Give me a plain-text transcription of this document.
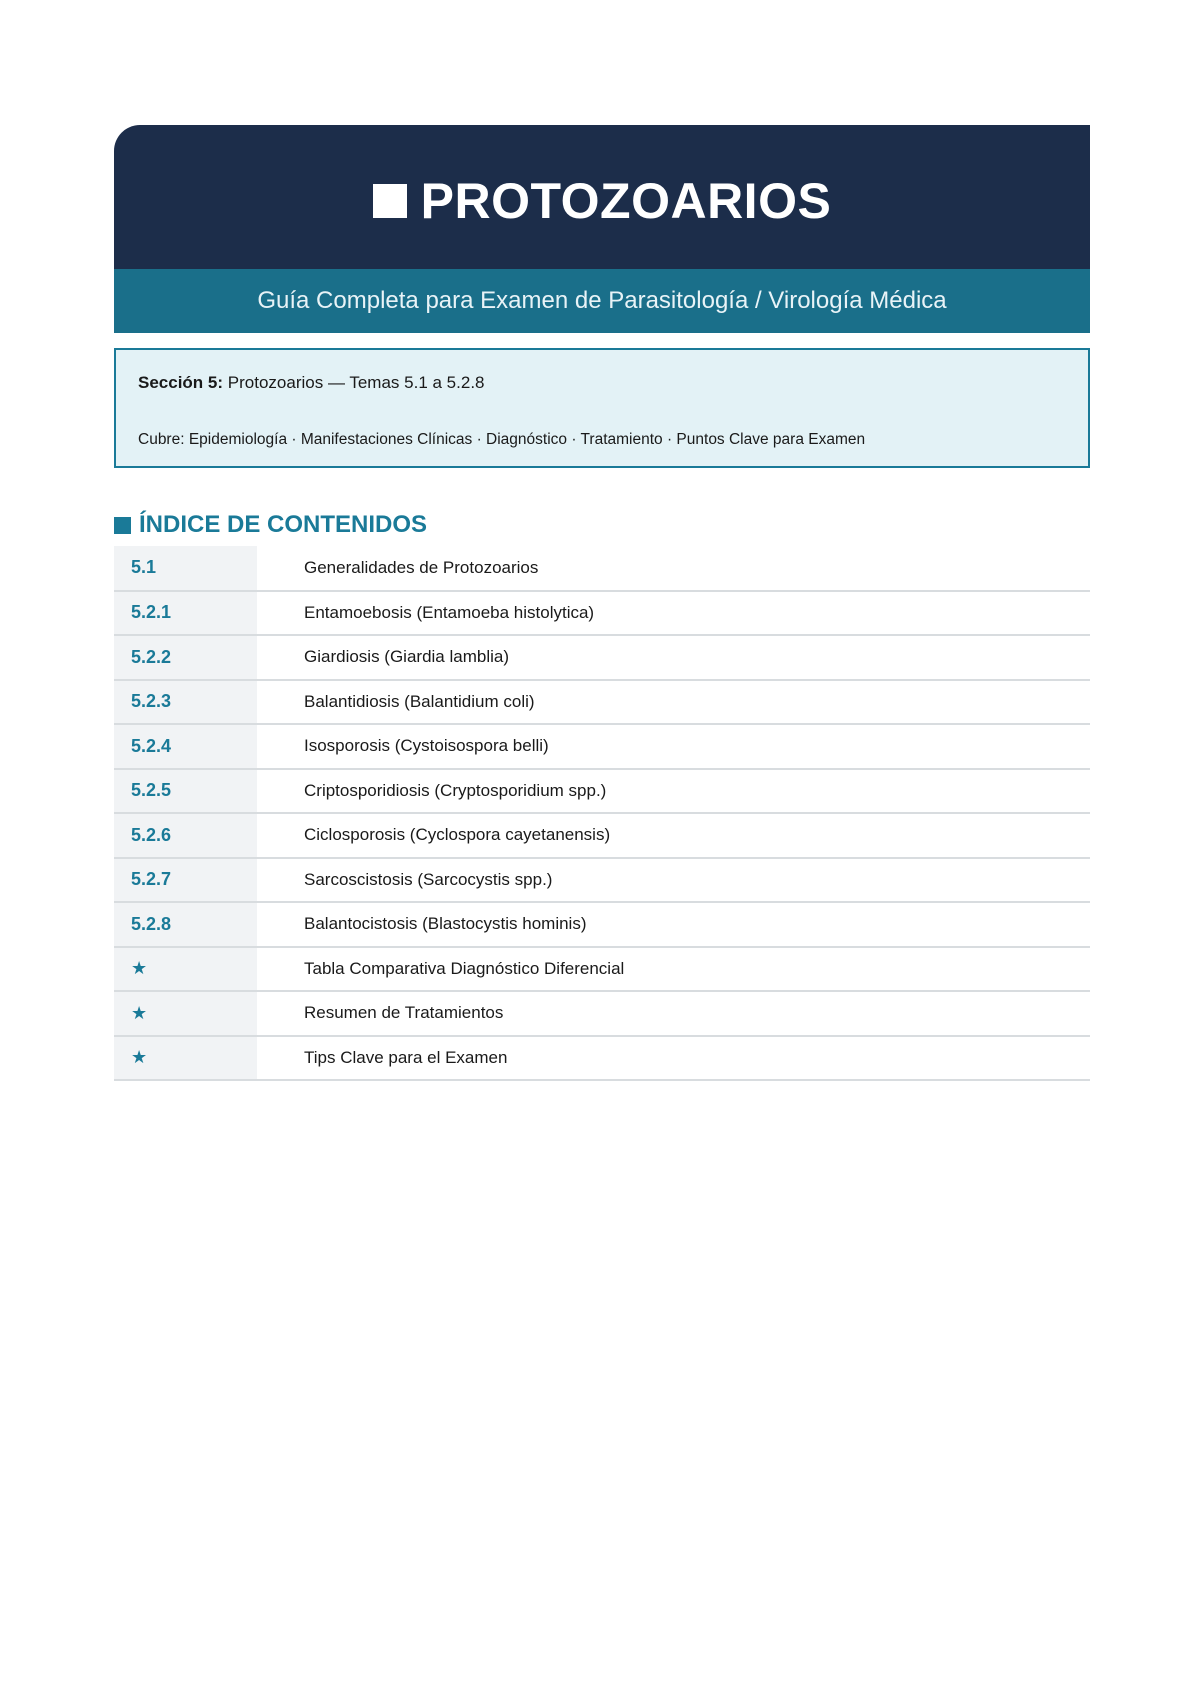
PROTOZOARIOS
Guía Completa para Examen de Parasitología / Virología Médica
Sección 5: Protozoarios — Temas 5.1 a 5.2.8
Cubre: Epidemiología · Manifestaciones Clínicas · Diagnóstico · Tratamiento · Puntos Clave para Examen
ÍNDICE DE CONTENIDOS
5.1	Generalidades de Protozoarios
5.2.1	Entamoebosis (Entamoeba histolytica)
5.2.2	Giardiosis (Giardia lamblia)
5.2.3	Balantidiosis (Balantidium coli)
5.2.4	Isosporosis (Cystoisospora belli)
5.2.5	Criptosporidiosis (Cryptosporidium spp.)
5.2.6	Ciclosporosis (Cyclospora cayetanensis)
5.2.7	Sarcoscistosis (Sarcocystis spp.)
5.2.8	Balantocistosis (Blastocystis hominis)
★	Tabla Comparativa Diagnóstico Diferencial
★	Resumen de Tratamientos
★	Tips Clave para el Examen
